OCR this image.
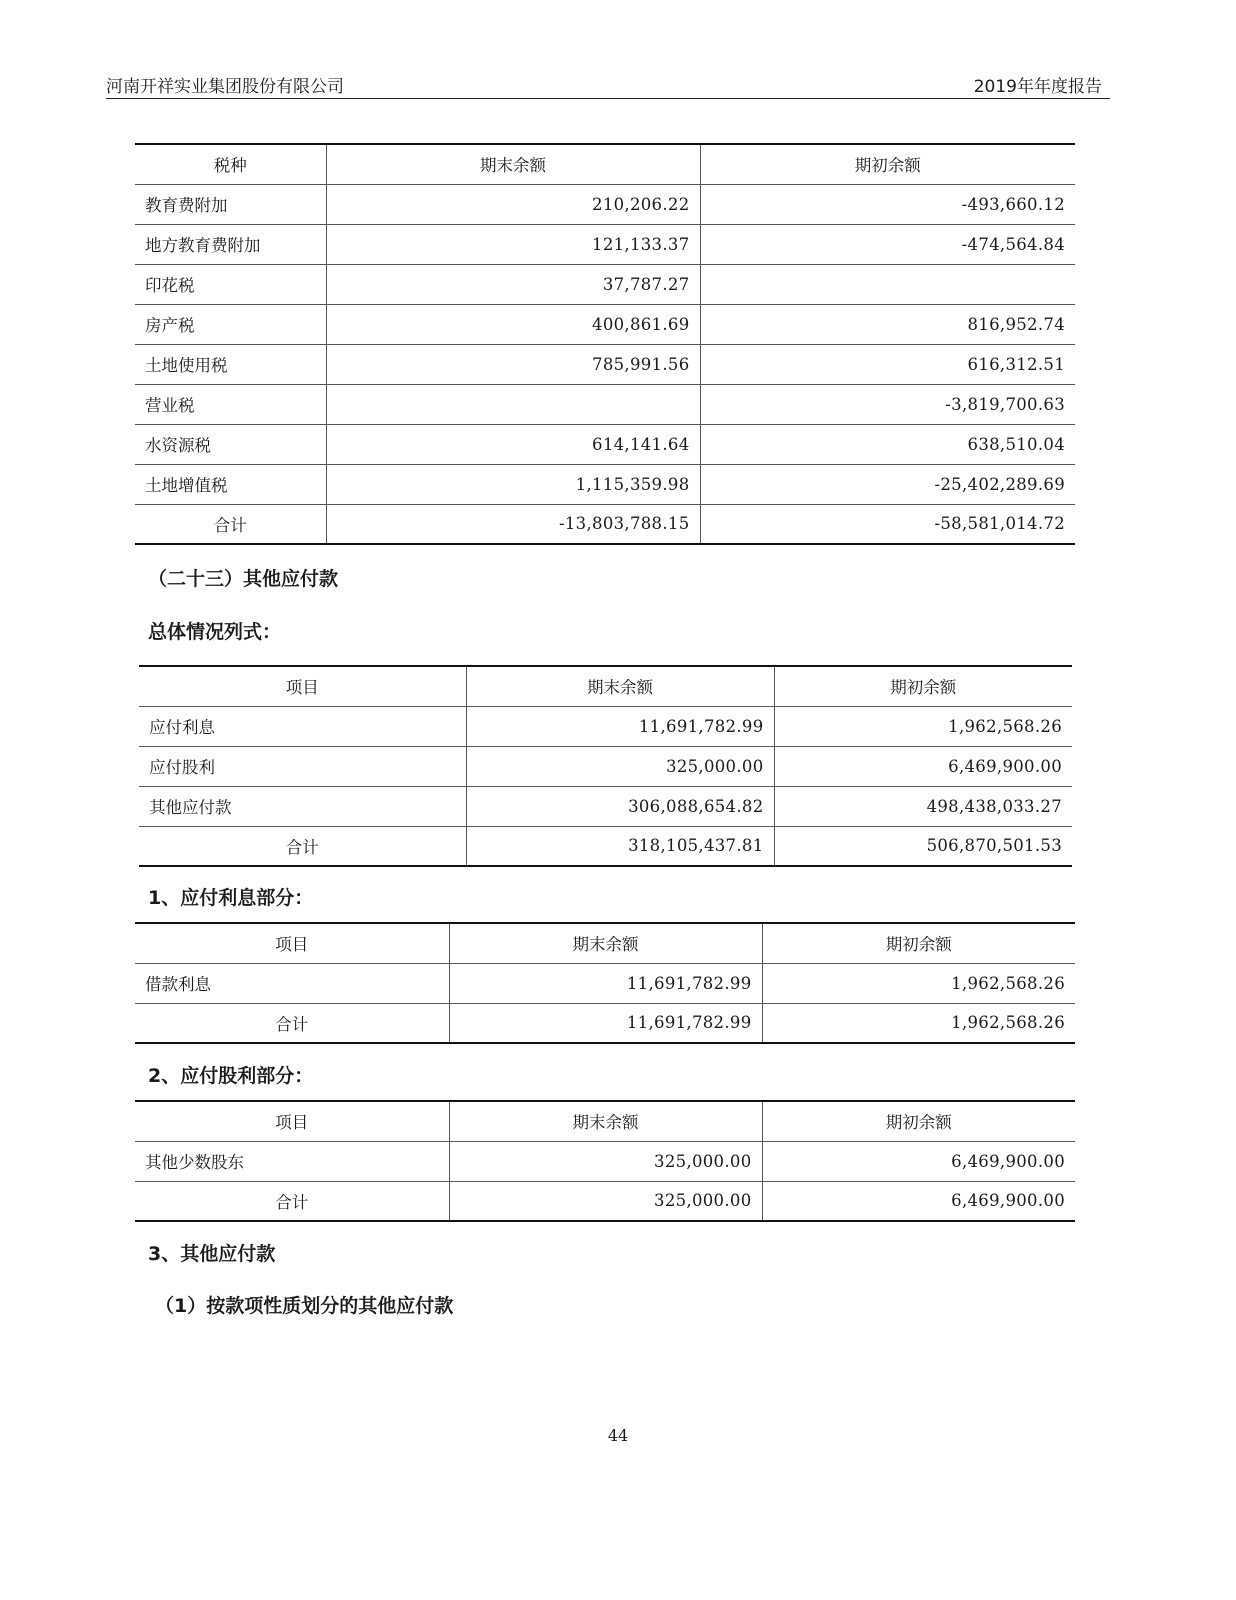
河南开祥实业集团股份有限公司	2019年年度报告
税种	期末余额	期初余额
教育费附加	210,206.22	-493,660.12
地方教育费附加	121,133.37	-474,564.84
印花税	37,787.27	
房产税	400,861.69	816,952.74
土地使用税	785,991.56	616,312.51
营业税		-3,819,700.63
水资源税	614,141.64	638,510.04
土地增值税	1,115,359.98	-25,402,289.69
合计	-13,803,788.15	-58,581,014.72
（二十三）其他应付款
总体情况列式：
项目	期末余额	期初余额
应付利息	11,691,782.99	1,962,568.26
应付股利	325,000.00	6,469,900.00
其他应付款	306,088,654.82	498,438,033.27
合计	318,105,437.81	506,870,501.53
1、应付利息部分：
项目	期末余额	期初余额
借款利息	11,691,782.99	1,962,568.26
合计	11,691,782.99	1,962,568.26
2、应付股利部分：
项目	期末余额	期初余额
其他少数股东	325,000.00	6,469,900.00
合计	325,000.00	6,469,900.00
3、其他应付款
（1）按款项性质划分的其他应付款
44
